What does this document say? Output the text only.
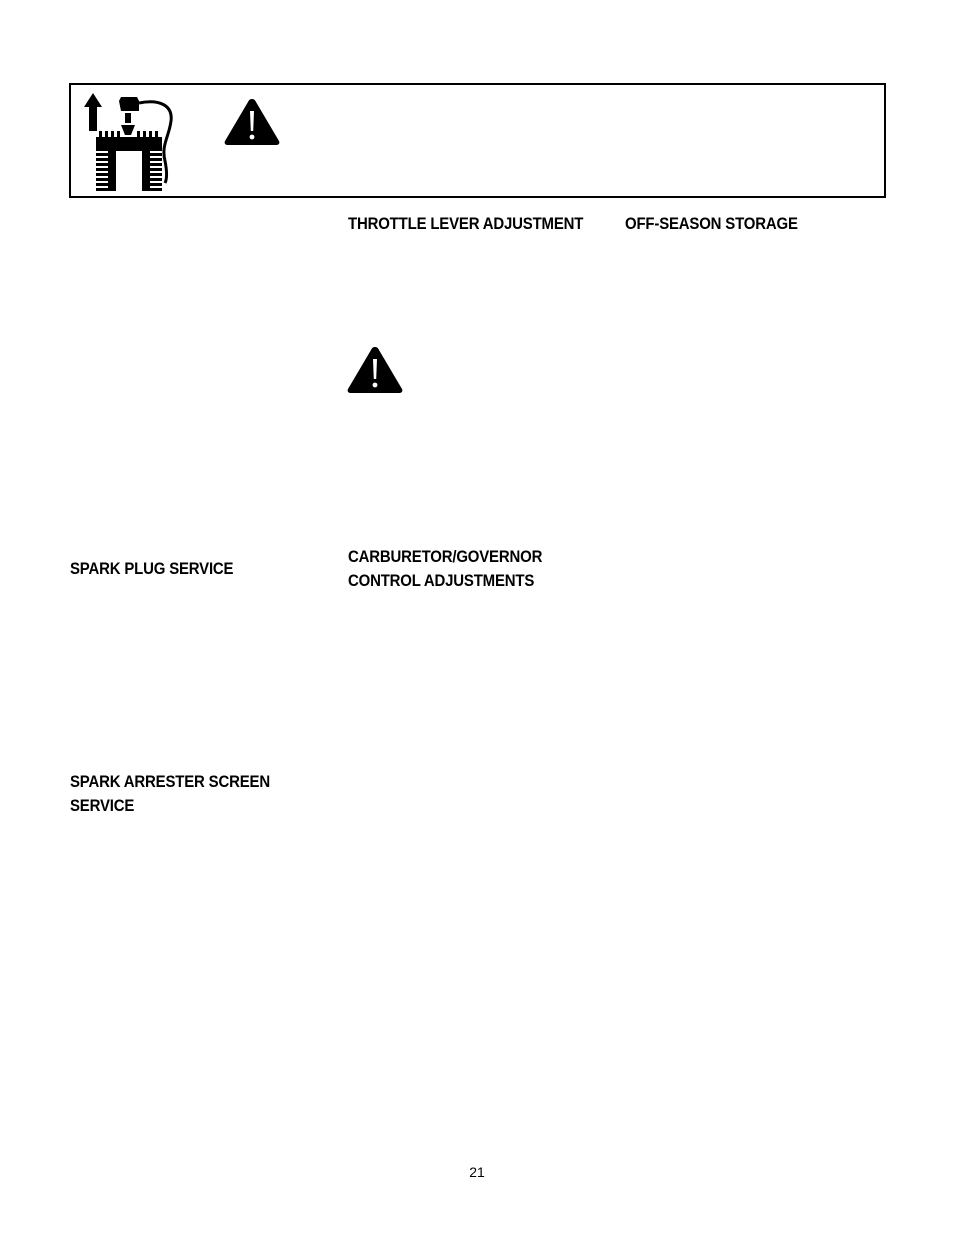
THROTTLE LEVER ADJUSTMENT OFF-SEASON STORAGE
SPARK PLUG SERVICE
CARBURETOR/GOVERNOR
CONTROL ADJUSTMENTS
SPARK ARRESTER SCREEN
SERVICE
21
